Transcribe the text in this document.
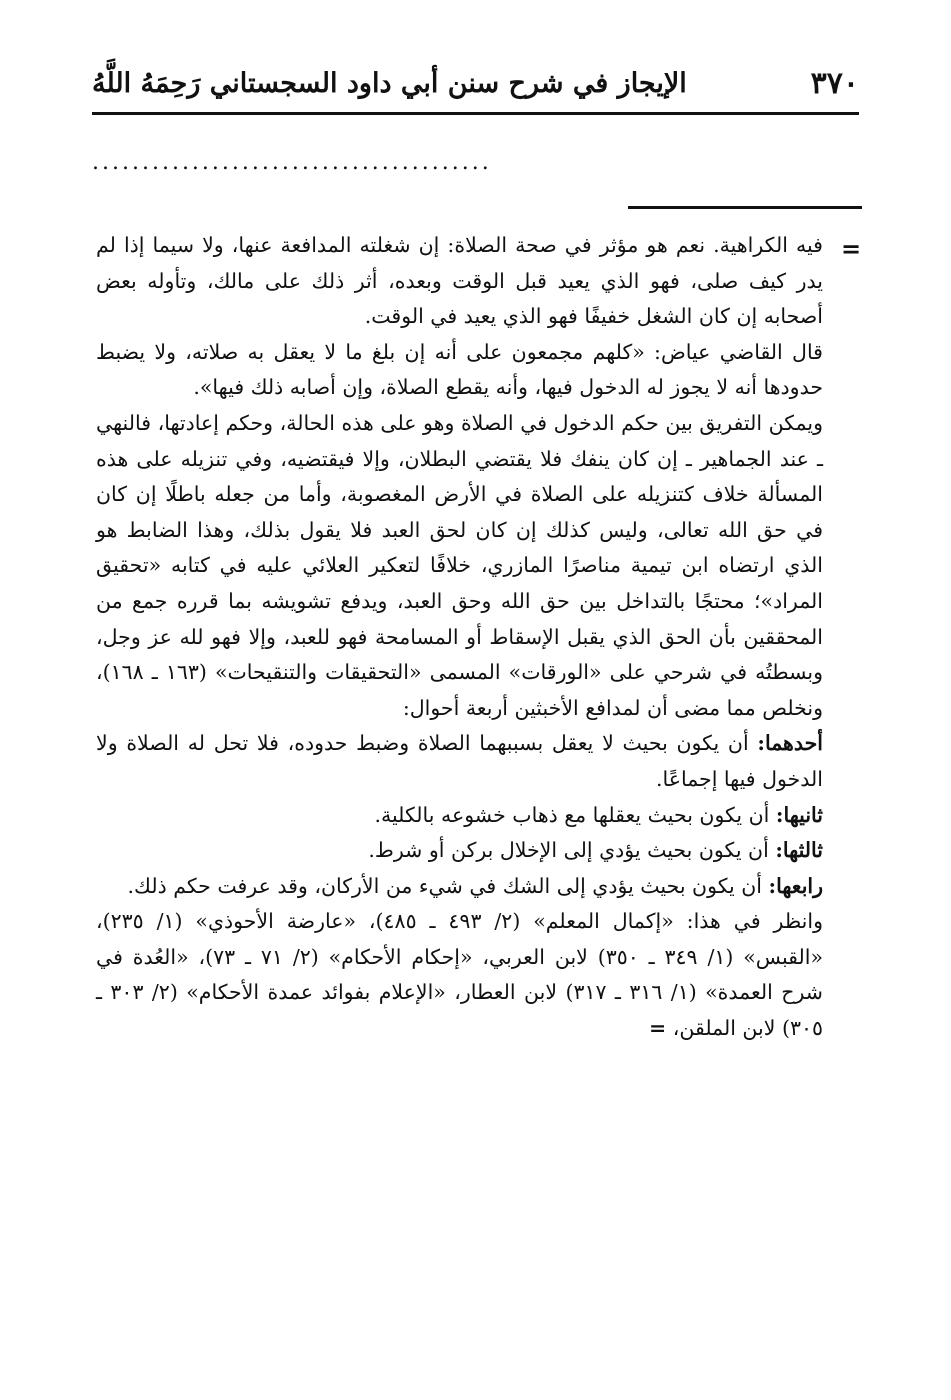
٣٧٠
الإيجاز في شرح سنن أبي داود السجستاني رَحِمَهُ اللَّهُ
........................................
=

فيه الكراهية. نعم هو مؤثر في صحة الصلاة: إن شغلته المدافعة عنها، ولا سيما إذا لم يدر كيف صلى، فهو الذي يعيد قبل الوقت وبعده، أثر ذلك على مالك، وتأوله بعض أصحابه إن كان الشغل خفيفًا فهو الذي يعيد في الوقت.

قال القاضي عياض: «كلهم مجمعون على أنه إن بلغ ما لا يعقل به صلاته، ولا يضبط حدودها أنه لا يجوز له الدخول فيها، وأنه يقطع الصلاة، وإن أصابه ذلك فيها».

ويمكن التفريق بين حكم الدخول في الصلاة وهو على هذه الحالة، وحكم إعادتها، فالنهي ـ عند الجماهير ـ إن كان ينفك فلا يقتضي البطلان، وإلا فيقتضيه، وفي تنزيله على هذه المسألة خلاف كتنزيله على الصلاة في الأرض المغصوبة، وأما من جعله باطلًا إن كان في حق الله تعالى، وليس كذلك إن كان لحق العبد فلا يقول بذلك، وهذا الضابط هو الذي ارتضاه ابن تيمية مناصرًا المازري، خلافًا لتعكير العلائي عليه في كتابه «تحقيق المراد»؛ محتجًا بالتداخل بين حق الله وحق العبد، ويدفع تشويشه بما قرره جمع من المحققين بأن الحق الذي يقبل الإسقاط أو المسامحة فهو للعبد، وإلا فهو لله عز وجل، وبسطتُه في شرحي على «الورقات» المسمى «التحقيقات والتنقيحات» (١٦٣ ـ ١٦٨)، ونخلص مما مضى أن لمدافع الأخبثين أربعة أحوال:

أحدهما: أن يكون بحيث لا يعقل بسببهما الصلاة وضبط حدوده، فلا تحل له الصلاة ولا الدخول فيها إجماعًا.

ثانيها: أن يكون بحيث يعقلها مع ذهاب خشوعه بالكلية.

ثالثها: أن يكون بحيث يؤدي إلى الإخلال بركن أو شرط.

رابعها: أن يكون بحيث يؤدي إلى الشك في شيء من الأركان، وقد عرفت حكم ذلك.

وانظر في هذا: «إكمال المعلم» (٢/ ٤٩٣ ـ ٤٨٥)، «عارضة الأحوذي» (١/ ٢٣٥)، «القبس» (١/ ٣٤٩ ـ ٣٥٠) لابن العربي، «إحكام الأحكام» (٢/ ٧١ ـ ٧٣)، «العُدة في شرح العمدة» (١/ ٣١٦ ـ ٣١٧) لابن العطار، «الإعلام بفوائد عمدة الأحكام» (٢/ ٣٠٣ ـ ٣٠٥) لابن الملقن، =
